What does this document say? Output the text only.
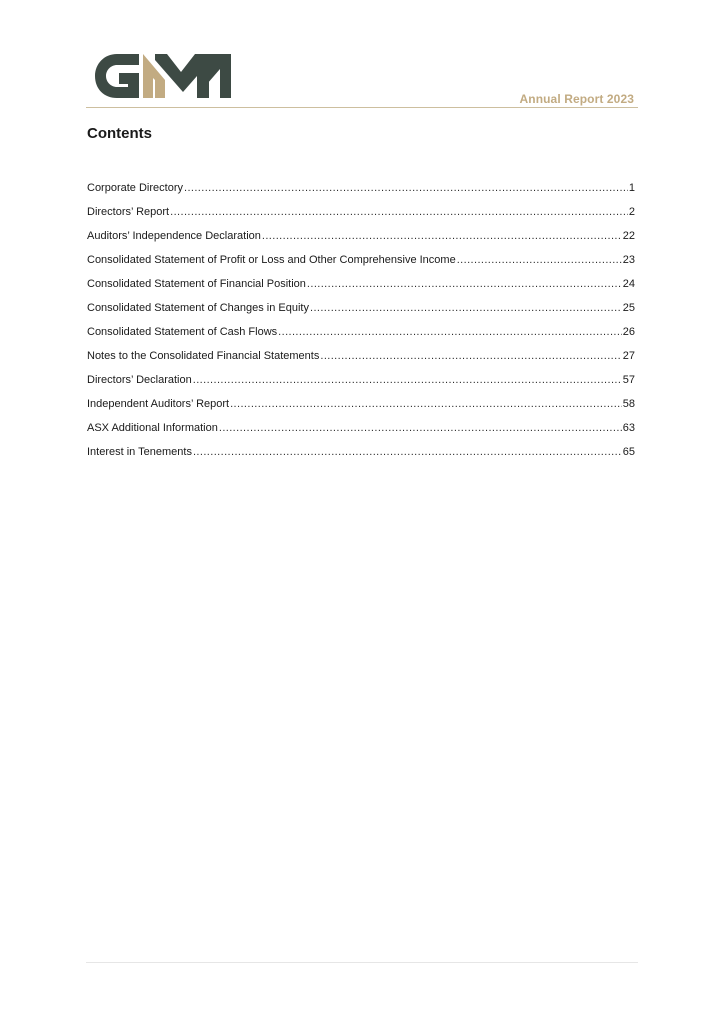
Annual Report 2023
Contents
Corporate Directory .....	1
Directors’ Report .....	2
Auditors’ Independence Declaration .....	22
Consolidated Statement of Profit or Loss and Other Comprehensive Income .....	23
Consolidated Statement of Financial Position .....	24
Consolidated Statement of Changes in Equity .....	25
Consolidated Statement of Cash Flows .....	26
Notes to the Consolidated Financial Statements .....	27
Directors’ Declaration .....	57
Independent Auditors’ Report .....	58
ASX Additional Information .....	63
Interest in Tenements .....	65
